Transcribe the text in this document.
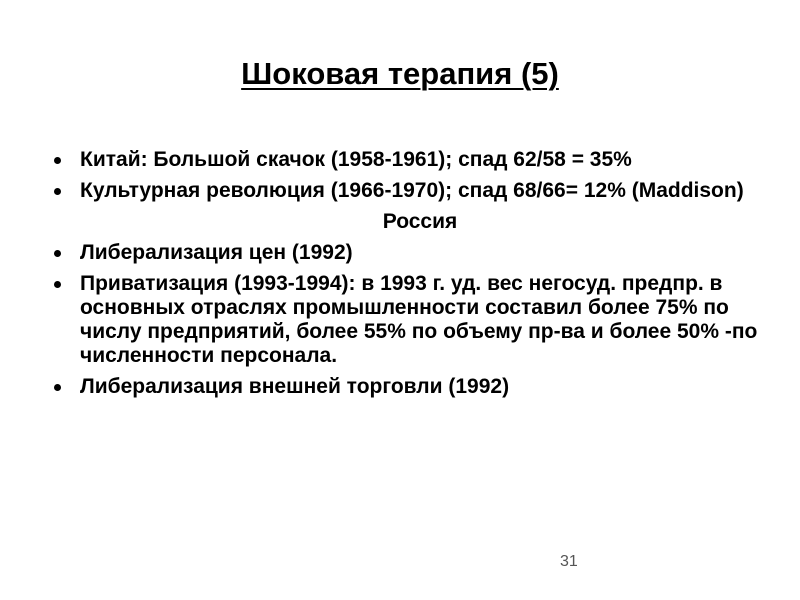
Шоковая терапия (5)
Китай: Большой скачок (1958-1961); спад 62/58 = 35%
Культурная революция (1966-1970); спад 68/66= 12% (Maddison)
Россия
Либерализация цен (1992)
Приватизация (1993-1994): в 1993 г. уд. вес негосуд. предпр. в основных отраслях промышленности составил более 75% по числу предприятий, более 55% по объему пр-ва и более 50% -по численности персонала.
Либерализация внешней торговли (1992)
31
